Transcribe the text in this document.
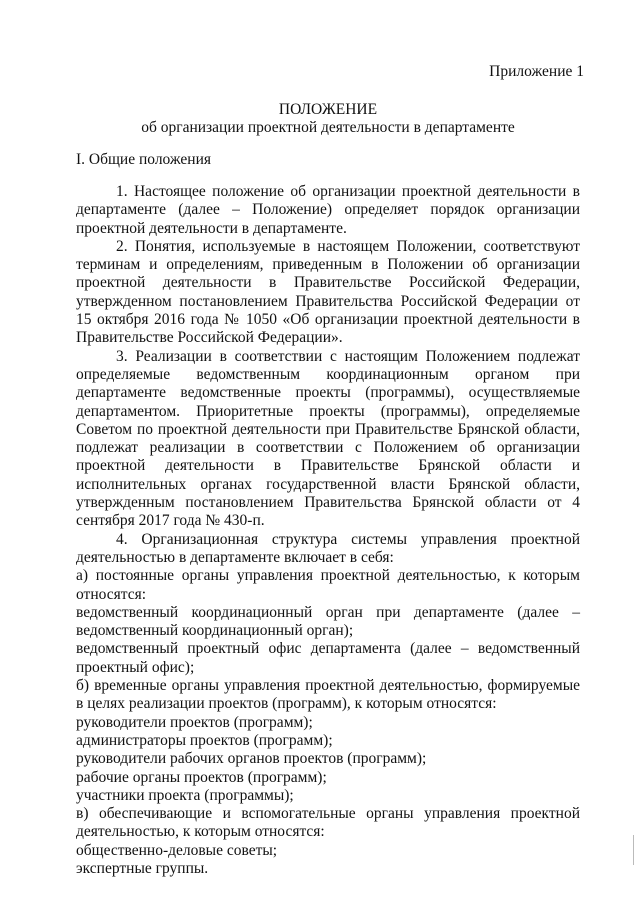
Приложение 1
ПОЛОЖЕНИЕ
об организации проектной деятельности в департаменте
I. Общие положения

1. Настоящее положение об организации проектной деятельности в департаменте (далее – Положение) определяет порядок организации проектной деятельности в департаменте.

2. Понятия, используемые в настоящем Положении, соответствуют терминам и определениям, приведенным в Положении об организации проектной деятельности в Правительстве Российской Федерации, утвержденном постановлением Правительства Российской Федерации от 15 октября 2016 года № 1050 «Об организации проектной деятельности в Правительстве Российской Федерации».

3. Реализации в соответствии с настоящим Положением подлежат определяемые ведомственным координационным органом при департаменте ведомственные проекты (программы), осуществляемые департаментом. Приоритетные проекты (программы), определяемые Советом по проектной деятельности при Правительстве Брянской области, подлежат реализации в соответствии с Положением об организации проектной деятельности в Правительстве Брянской области и исполнительных органах государственной власти Брянской области, утвержденным постановлением Правительства Брянской области от 4 сентября 2017 года № 430-п.

4. Организационная структура системы управления проектной деятельностью в департаменте включает в себя:

а) постоянные органы управления проектной деятельностью, к которым относятся:

ведомственный координационный орган при департаменте (далее – ведомственный координационный орган);

ведомственный проектный офис департамента (далее – ведомственный проектный офис);

б) временные органы управления проектной деятельностью, формируемые в целях реализации проектов (программ), к которым относятся:

руководители проектов (программ);

администраторы проектов (программ);

руководители рабочих органов проектов (программ);

рабочие органы проектов (программ);

участники проекта (программы);

в) обеспечивающие и вспомогательные органы управления проектной деятельностью, к которым относятся:

общественно-деловые советы;

экспертные группы.
